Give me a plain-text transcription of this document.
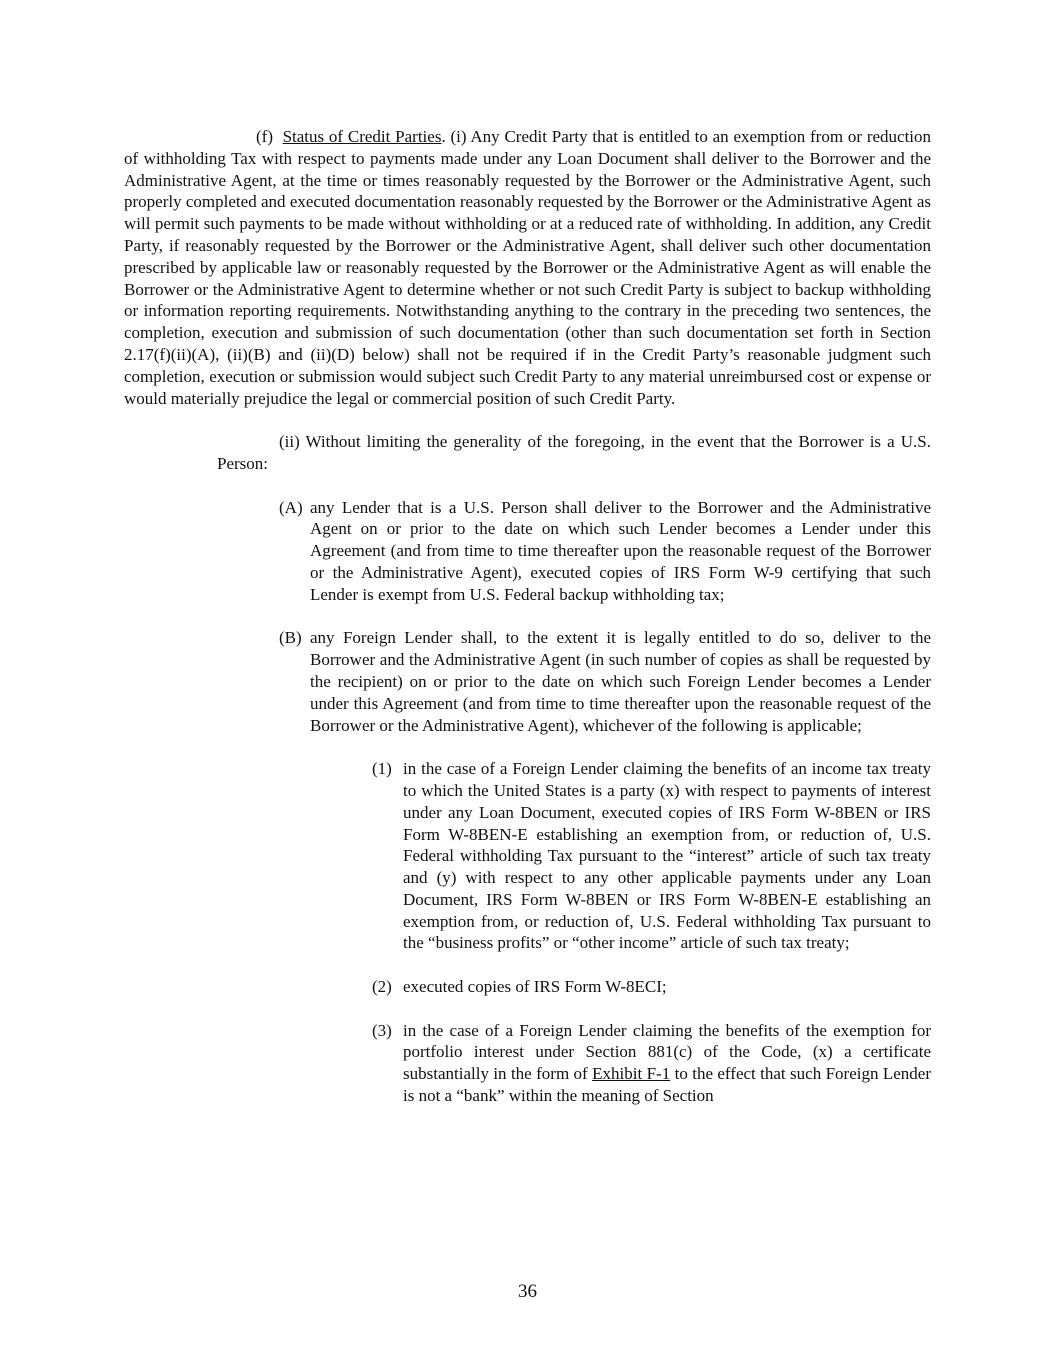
(f) Status of Credit Parties. (i) Any Credit Party that is entitled to an exemption from or reduction of withholding Tax with respect to payments made under any Loan Document shall deliver to the Borrower and the Administrative Agent, at the time or times reasonably requested by the Borrower or the Administrative Agent, such properly completed and executed documentation reasonably requested by the Borrower or the Administrative Agent as will permit such payments to be made without withholding or at a reduced rate of withholding. In addition, any Credit Party, if reasonably requested by the Borrower or the Administrative Agent, shall deliver such other documentation prescribed by applicable law or reasonably requested by the Borrower or the Administrative Agent as will enable the Borrower or the Administrative Agent to determine whether or not such Credit Party is subject to backup withholding or information reporting requirements. Notwithstanding anything to the contrary in the preceding two sentences, the completion, execution and submission of such documentation (other than such documentation set forth in Section 2.17(f)(ii)(A), (ii)(B) and (ii)(D) below) shall not be required if in the Credit Party’s reasonable judgment such completion, execution or submission would subject such Credit Party to any material unreimbursed cost or expense or would materially prejudice the legal or commercial position of such Credit Party.

(ii) Without limiting the generality of the foregoing, in the event that the Borrower is a U.S. Person:

(A) any Lender that is a U.S. Person shall deliver to the Borrower and the Administrative Agent on or prior to the date on which such Lender becomes a Lender under this Agreement (and from time to time thereafter upon the reasonable request of the Borrower or the Administrative Agent), executed copies of IRS Form W-9 certifying that such Lender is exempt from U.S. Federal backup withholding tax;
(B) any Foreign Lender shall, to the extent it is legally entitled to do so, deliver to the Borrower and the Administrative Agent (in such number of copies as shall be requested by the recipient) on or prior to the date on which such Foreign Lender becomes a Lender under this Agreement (and from time to time thereafter upon the reasonable request of the Borrower or the Administrative Agent), whichever of the following is applicable;
(1) in the case of a Foreign Lender claiming the benefits of an income tax treaty to which the United States is a party (x) with respect to payments of interest under any Loan Document, executed copies of IRS Form W-8BEN or IRS Form W-8BEN-E establishing an exemption from, or reduction of, U.S. Federal withholding Tax pursuant to the “interest” article of such tax treaty and (y) with respect to any other applicable payments under any Loan Document, IRS Form W-8BEN or IRS Form W-8BEN-E establishing an exemption from, or reduction of, U.S. Federal withholding Tax pursuant to the “business profits” or “other income” article of such tax treaty;
(2) executed copies of IRS Form W-8ECI;
(3) in the case of a Foreign Lender claiming the benefits of the exemption for portfolio interest under Section 881(c) of the Code, (x) a certificate substantially in the form of Exhibit F-1 to the effect that such Foreign Lender is not a “bank” within the meaning of Section
36
